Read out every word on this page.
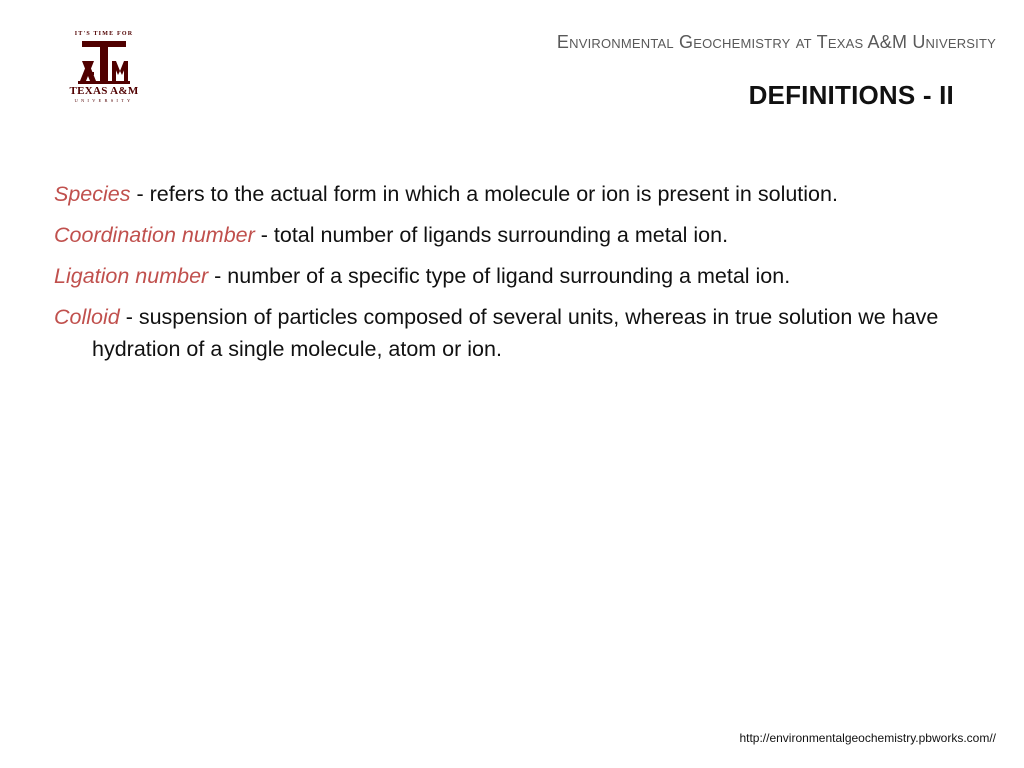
IT'S TIME FOR
TEXAS A&M
UNIVERSITY
Environmental Geochemistry at Texas A&M University
DEFINITIONS - II
Species - refers to the actual form in which a molecule or ion is present in solution.
Coordination number - total number of ligands surrounding a metal ion.
Ligation number - number of a specific type of ligand surrounding a metal ion.
Colloid - suspension of particles composed of several units, whereas in true solution we have hydration of a single molecule, atom or ion.
http://environmentalgeochemistry.pbworks.com//
